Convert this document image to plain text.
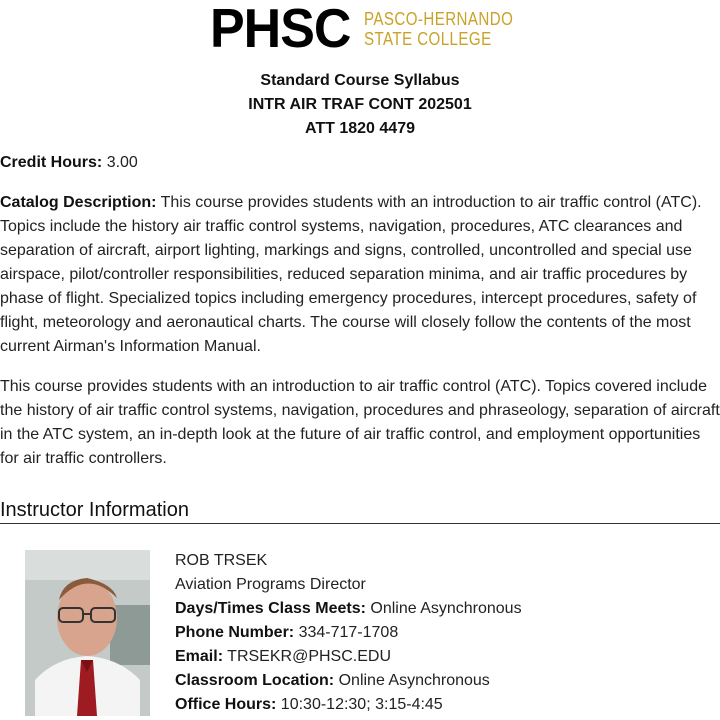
PHSC PASCO-HERNANDO
STATE COLLEGE
Standard Course Syllabus
INTR AIR TRAF CONT 202501
ATT 1820 4479

Credit Hours: 3.00

Catalog Description: This course provides students with an introduction to air traffic control (ATC). Topics include the history air traffic control systems, navigation, procedures, ATC clearances and separation of aircraft, airport lighting, markings and signs, controlled, uncontrolled and special use airspace, pilot/controller responsibilities, reduced separation minima, and air traffic procedures by phase of flight. Specialized topics including emergency procedures, intercept procedures, safety of flight, meteorology and aeronautical charts. The course will closely follow the contents of the most current Airman's Information Manual.

This course provides students with an introduction to air traffic control (ATC). Topics covered include the history of air traffic control systems, navigation, procedures and phraseology, separation of aircraft in the ATC system, an in-depth look at the future of air traffic control, and employment opportunities for air traffic controllers.

Instructor Information
ROB TRSEK
Aviation Programs Director
Days/Times Class Meets: Online Asynchronous
Phone Number: 334-717-1708
Email: TRSEKR@PHSC.EDU
Classroom Location: Online Asynchronous
Office Hours: 10:30-12:30; 3:15-4:45
